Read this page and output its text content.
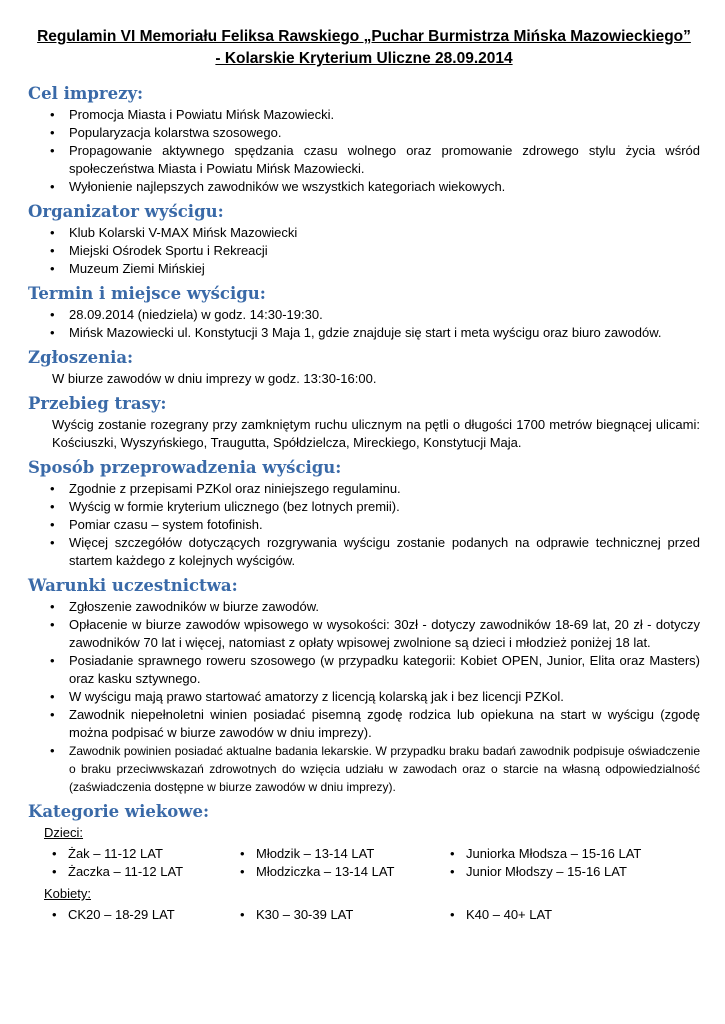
Regulamin VI Memoriału Feliksa Rawskiego „Puchar Burmistrza Mińska Mazowieckiego”

- Kolarskie Kryterium Uliczne 28.09.2014

Cel imprezy:
• Promocja Miasta i Powiatu Mińsk Mazowiecki.
• Popularyzacja kolarstwa szosowego.
• Propagowanie aktywnego spędzania czasu wolnego oraz promowanie zdrowego stylu życia wśród społeczeństwa Miasta i Powiatu Mińsk Mazowiecki.
• Wyłonienie najlepszych zawodników we wszystkich kategoriach wiekowych.
Organizator wyścigu:
• Klub Kolarski V-MAX Mińsk Mazowiecki
• Miejski Ośrodek Sportu i Rekreacji
• Muzeum Ziemi Mińskiej
Termin i miejsce wyścigu:
• 28.09.2014 (niedziela) w godz. 14:30-19:30.
• Mińsk Mazowiecki ul. Konstytucji 3 Maja 1, gdzie znajduje się start i meta wyścigu oraz biuro zawodów.
Zgłoszenia:

W biurze zawodów w dniu imprezy w godz. 13:30-16:00.

Przebieg trasy:

Wyścig zostanie rozegrany przy zamkniętym ruchu ulicznym na pętli o długości 1700 metrów biegnącej ulicami: Kościuszki, Wyszyńskiego, Traugutta, Spółdzielcza, Mireckiego, Konstytucji Maja.

Sposób przeprowadzenia wyścigu:
• Zgodnie z przepisami PZKol oraz niniejszego regulaminu.
• Wyścig w formie kryterium ulicznego (bez lotnych premii).
• Pomiar czasu – system fotofinish.
• Więcej szczegółów dotyczących rozgrywania wyścigu zostanie podanych na odprawie technicznej przed startem każdego z kolejnych wyścigów.
Warunki uczestnictwa:
• Zgłoszenie zawodników w biurze zawodów.
• Opłacenie w biurze zawodów wpisowego w wysokości: 30zł - dotyczy zawodników 18-69 lat, 20 zł - dotyczy zawodników 70 lat i więcej, natomiast z opłaty wpisowej zwolnione są dzieci i młodzież poniżej 18 lat.
• Posiadanie sprawnego roweru szosowego (w przypadku kategorii: Kobiet OPEN, Junior, Elita oraz Masters) oraz kasku sztywnego.
• W wyścigu mają prawo startować amatorzy z licencją kolarską jak i bez licencji PZKol.
• Zawodnik niepełnoletni winien posiadać pisemną zgodę rodzica lub opiekuna na start w wyścigu (zgodę można podpisać w biurze zawodów w dniu imprezy).
• Zawodnik powinien posiadać aktualne badania lekarskie. W przypadku braku badań zawodnik podpisuje oświadczenie o braku przeciwwskazań zdrowotnych do wzięcia udziału w zawodach oraz o starcie na własną odpowiedzialność (zaświadczenia dostępne w biurze zawodów w dniu imprezy).
Kategorie wiekowe:
Dzieci:
• Żak – 11-12 LAT	• Młodzik – 13-14 LAT	• Juniorka Młodsza – 15-16 LAT
• Żaczka – 11-12 LAT	• Młodziczka – 13-14 LAT	• Junior Młodszy – 15-16 LAT
Kobiety:
• CK20 – 18-29 LAT	• K30 – 30-39 LAT	• K40 – 40+ LAT
